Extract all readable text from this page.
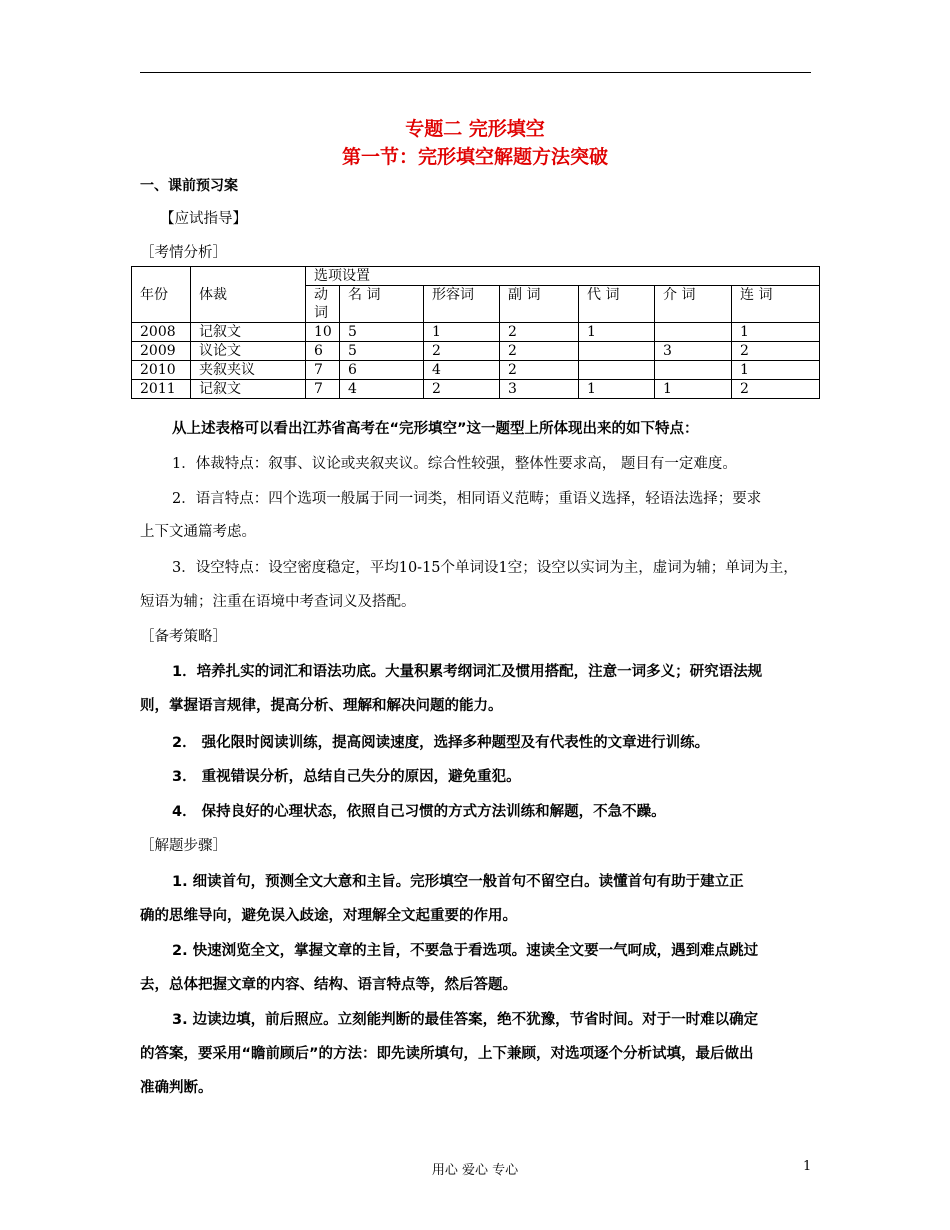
专题二 完形填空
第一节：完形填空解题方法突破
一、课前预习案
【应试指导】
［考情分析］
年份	体裁	选项设置						
		动词	名 词	形容词	副 词	代 词	介 词	连 词
2008	记叙文	10	5	1	2	1		1
2009	议论文	6	5	2	2		3	2
2010	夹叙夹议	7	6	4	2			1
2011	记叙文	7	4	2	3	1	1	2
从上述表格可以看出江苏省高考在“完形填空”这一题型上所体现出来的如下特点：
1．体裁特点：叙事、议论或夹叙夹议。综合性较强，整体性要求高， 题目有一定难度。
2．语言特点：四个选项一般属于同一词类，相同语义范畴；重语义选择，轻语法选择；要求
上下文通篇考虑。
3．设空特点：设空密度稳定，平均10-15个单词设1空；设空以实词为主，虚词为辅；单词为主，
短语为辅；注重在语境中考查词义及搭配。
［备考策略］
1．培养扎实的词汇和语法功底。大量积累考纲词汇及惯用搭配，注意一词多义；研究语法规
则，掌握语言规律，提高分析、理解和解决问题的能力。
2． 强化限时阅读训练，提高阅读速度，选择多种题型及有代表性的文章进行训练。
3． 重视错误分析，总结自己失分的原因，避免重犯。
4． 保持良好的心理状态，依照自己习惯的方式方法训练和解题，不急不躁。
［解题步骤］
1. 细读首句，预测全文大意和主旨。完形填空一般首句不留空白。读懂首句有助于建立正
确的思维导向，避免误入歧途，对理解全文起重要的作用。
2. 快速浏览全文，掌握文章的主旨，不要急于看选项。速读全文要一气呵成，遇到难点跳过
去，总体把握文章的内容、结构、语言特点等，然后答题。
3. 边读边填，前后照应。立刻能判断的最佳答案，绝不犹豫，节省时间。对于一时难以确定
的答案，要采用“瞻前顾后”的方法：即先读所填句，上下兼顾，对选项逐个分析试填，最后做出
准确判断。
用心 爱心 专心	1
